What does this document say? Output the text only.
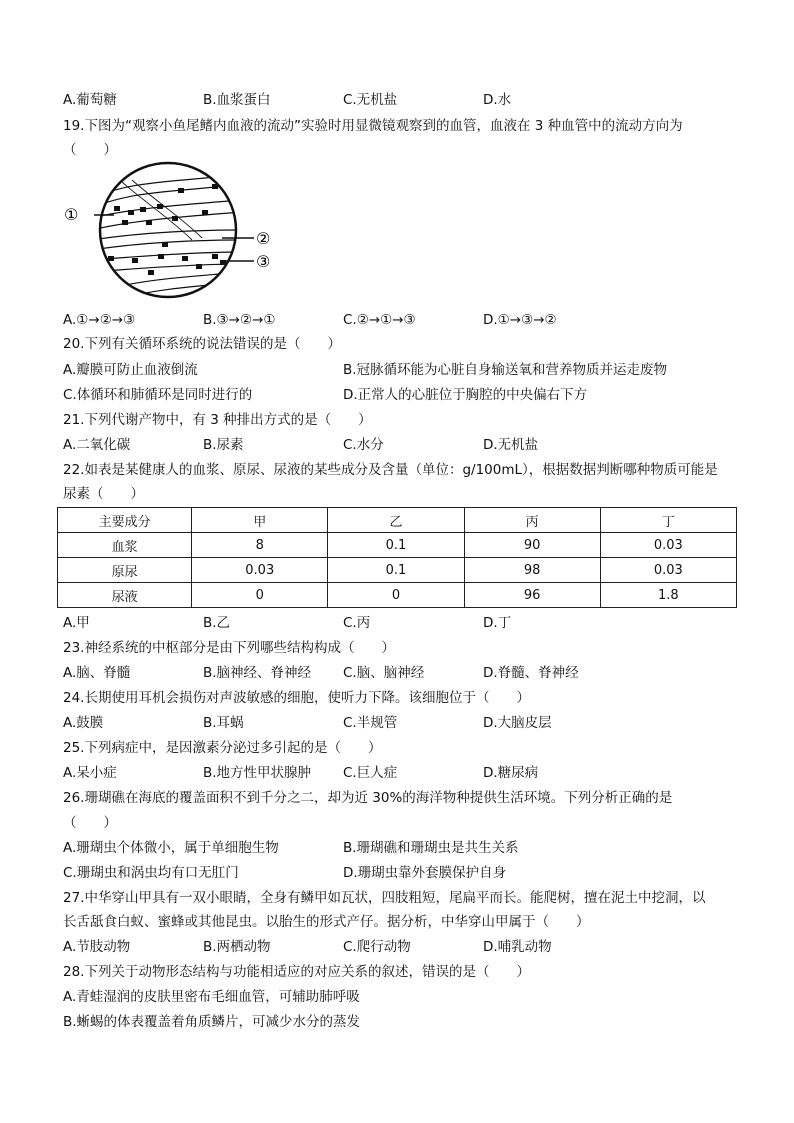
A.葡萄糖	B.血浆蛋白	C.无机盐	D.水
19.下图为“观察小鱼尾鳍内血液的流动”实验时用显微镜观察到的血管，血液在 3 种血管中的流动方向为
（　　）
①
②
③
A.①→②→③	B.③→②→①	C.②→①→③	D.①→③→②
20.下列有关循环系统的说法错误的是（　　）
A.瓣膜可防止血液倒流	B.冠脉循环能为心脏自身输送氧和营养物质并运走废物
C.体循环和肺循环是同时进行的	D.正常人的心脏位于胸腔的中央偏右下方
21.下列代谢产物中，有 3 种排出方式的是（　　）
A.二氧化碳	B.尿素	C.水分	D.无机盐
22.如表是某健康人的血浆、原尿、尿液的某些成分及含量（单位：g/100mL），根据数据判断哪种物质可能是
尿素（　　）
主要成分	甲	乙	丙	丁
血浆	8	0.1	90	0.03
原尿	0.03	0.1	98	0.03
尿液	0	0	96	1.8
A.甲	B.乙	C.丙	D.丁
23.神经系统的中枢部分是由下列哪些结构构成（　　）
A.脑、脊髓	B.脑神经、脊神经 C.脑、脑神经	D.脊髓、脊神经
24.长期使用耳机会损伤对声波敏感的细胞，使听力下降。该细胞位于（　　）
A.鼓膜	B.耳蜗	C.半规管	D.大脑皮层
25.下列病症中，是因激素分泌过多引起的是（　　）
A.呆小症	B.地方性甲状腺肿 C.巨人症	D.糖尿病
26.珊瑚礁在海底的覆盖面积不到千分之二，却为近 30%的海洋物种提供生活环境。下列分析正确的是
（　　）
A.珊瑚虫个体微小，属于单细胞生物	B.珊瑚礁和珊瑚虫是共生关系
C.珊瑚虫和涡虫均有口无肛门	D.珊瑚虫靠外套膜保护自身
27.中华穿山甲具有一双小眼睛，全身有鳞甲如瓦状，四肢粗短，尾扁平而长。能爬树，擅在泥土中挖洞，以
长舌舐食白蚁、蜜蜂或其他昆虫。以胎生的形式产仔。据分析，中华穿山甲属于（　　）
A.节肢动物	B.两栖动物	C.爬行动物	D.哺乳动物
28.下列关于动物形态结构与功能相适应的对应关系的叙述，错误的是（　　）
A.青蛙湿润的皮肤里密布毛细血管，可辅助肺呼吸
B.蜥蜴的体表覆盖着角质鳞片，可减少水分的蒸发
